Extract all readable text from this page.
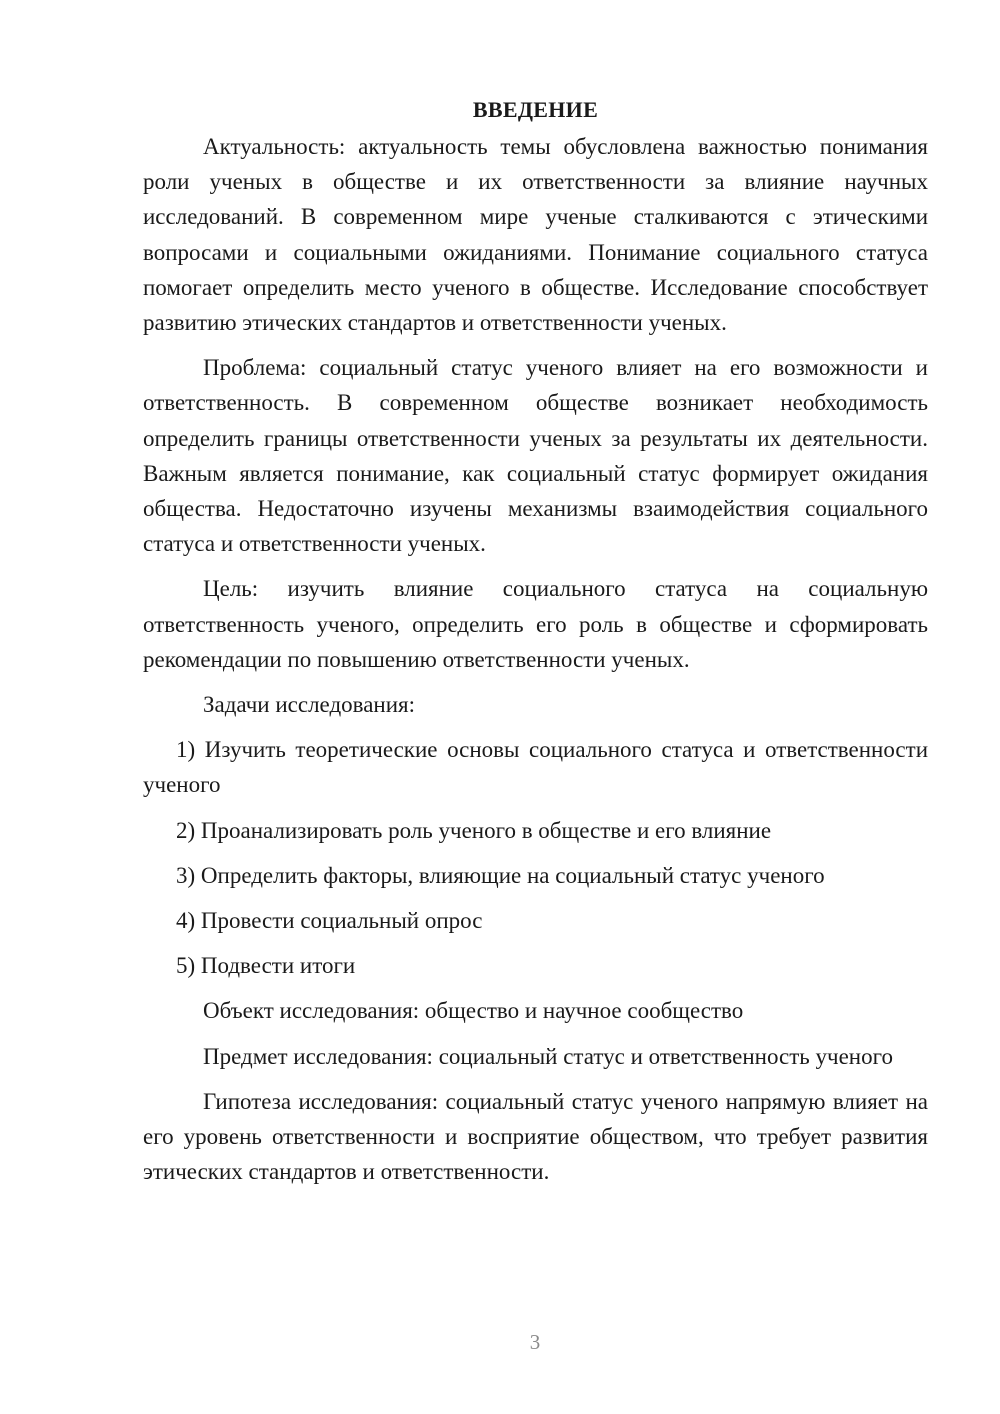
ВВЕДЕНИЕ

Актуальность: актуальность темы обусловлена важностью понимания роли ученых в обществе и их ответственности за влияние научных исследований. В современном мире ученые сталкиваются с этическими вопросами и социальными ожиданиями. Понимание социального статуса помогает определить место ученого в обществе. Исследование способствует развитию этических стандартов и ответственности ученых.

Проблема: социальный статус ученого влияет на его возможности и ответственность. В современном обществе возникает необходимость определить границы ответственности ученых за результаты их деятельности. Важным является понимание, как социальный статус формирует ожидания общества. Недостаточно изучены механизмы взаимодействия социального статуса и ответственности ученых.

Цель: изучить влияние социального статуса на социальную ответственность ученого, определить его роль в обществе и сформировать рекомендации по повышению ответственности ученых.

Задачи исследования:

1) Изучить теоретические основы социального статуса и ответственности ученого

2) Проанализировать роль ученого в обществе и его влияние

3) Определить факторы, влияющие на социальный статус ученого

4) Провести социальный опрос

5) Подвести итоги

Объект исследования: общество и научное сообщество

Предмет исследования: социальный статус и ответственность ученого

Гипотеза исследования: социальный статус ученого напрямую влияет на его уровень ответственности и восприятие обществом, что требует развития этических стандартов и ответственности.

3
